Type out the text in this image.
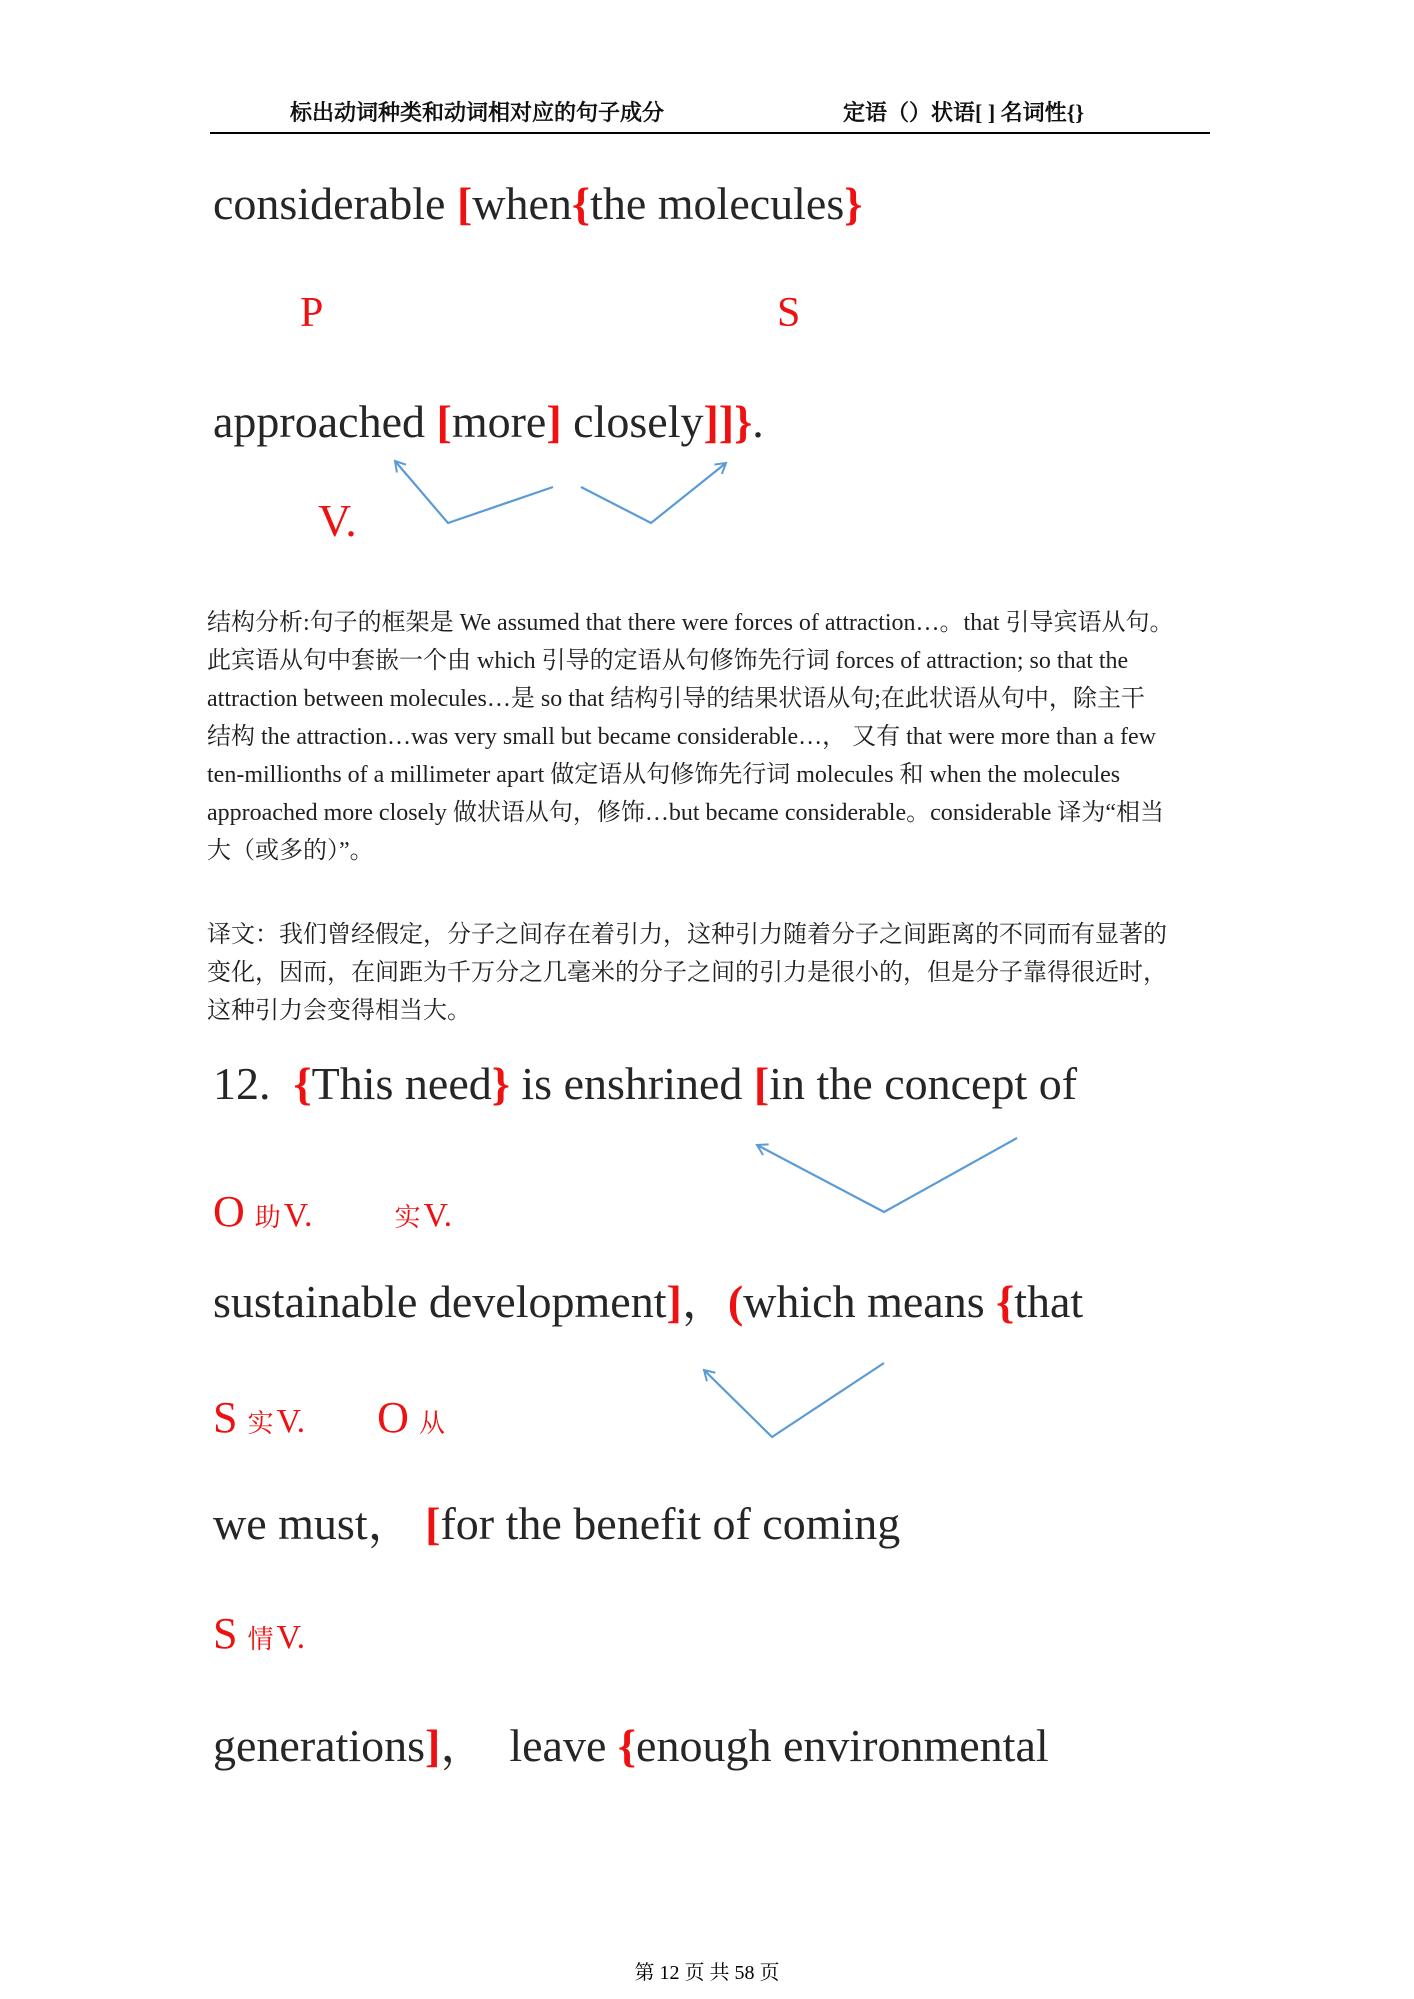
标出动词种类和动词相对应的句子成分	定语（）状语[ ] 名词性{}
considerable [when{the molecules}
P	S
approached [more] closely]]}.
V.
结构分析:句子的框架是 We assumed that there were forces of attraction…。that 引导宾语从句。
此宾语从句中套嵌一个由 which 引导的定语从句修饰先行词 forces of attraction; so that the
attraction between molecules…是 so that 结构引导的结果状语从句;在此状语从句中，除主干
结构 the attraction…was very small but became considerable…， 又有 that were more than a few
ten-millionths of a millimeter apart 做定语从句修饰先行词 molecules 和 when the molecules
approached more closely 做状语从句，修饰…but became considerable。considerable 译为“相当
大（或多的）”。
译文：我们曾经假定，分子之间存在着引力，这种引力随着分子之间距离的不同而有显著的
变化，因而，在间距为千万分之几毫米的分子之间的引力是很小的，但是分子靠得很近时，
这种引力会变得相当大。
12.  {This need} is enshrined [in the concept of
O 助 V.	实 V.
sustainable development]，(which means {that
S 实 V. O 从
we must， [for the benefit of coming
S 情 V.
generations]，  leave {enough environmental
第 12 页 共 58 页
